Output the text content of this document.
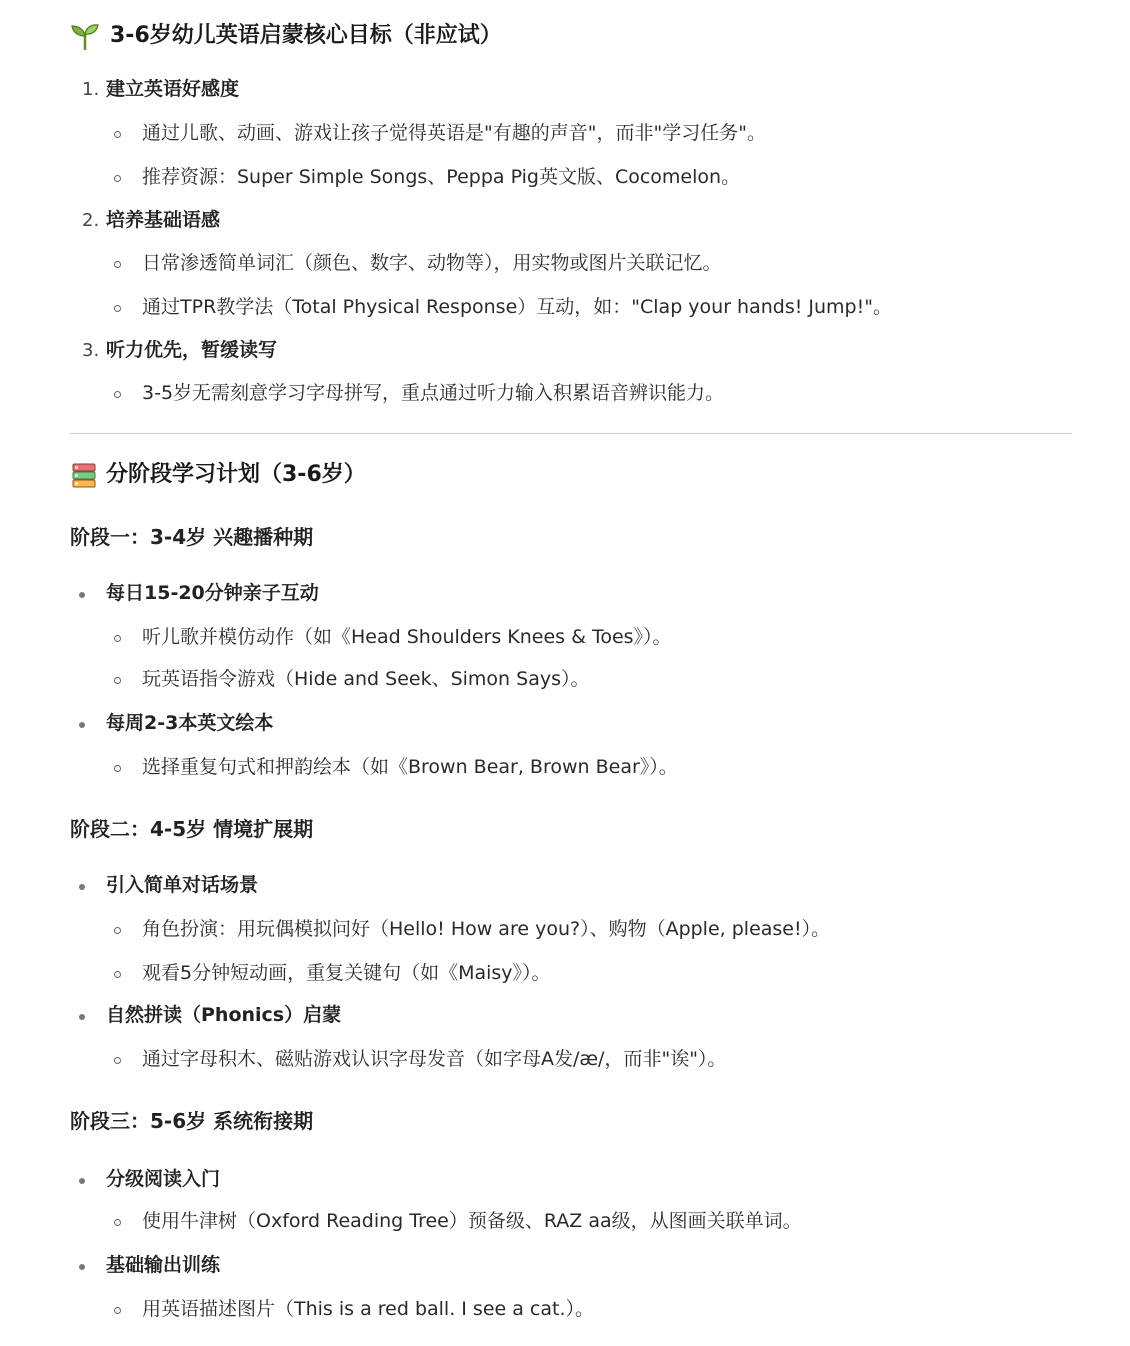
3-6岁幼儿英语启蒙核心目标（非应试）
1. 建立英语好感度
通过儿歌、动画、游戏让孩子觉得英语是"有趣的声音"，而非"学习任务"。
推荐资源：Super Simple Songs、Peppa Pig英文版、Cocomelon。
2. 培养基础语感
日常渗透简单词汇（颜色、数字、动物等），用实物或图片关联记忆。
通过TPR教学法（Total Physical Response）互动，如："Clap your hands! Jump!"。
3. 听力优先，暂缓读写
3-5岁无需刻意学习字母拼写，重点通过听力输入积累语音辨识能力。
分阶段学习计划（3-6岁）
阶段一：3-4岁 兴趣播种期
每日15-20分钟亲子互动
听儿歌并模仿动作（如《Head Shoulders Knees & Toes》）。
玩英语指令游戏（Hide and Seek、Simon Says）。
每周2-3本英文绘本
选择重复句式和押韵绘本（如《Brown Bear, Brown Bear》）。
阶段二：4-5岁 情境扩展期
引入简单对话场景
角色扮演：用玩偶模拟问好（Hello! How are you?）、购物（Apple, please!）。
观看5分钟短动画，重复关键句（如《Maisy》）。
自然拼读（Phonics）启蒙
通过字母积木、磁贴游戏认识字母发音（如字母A发/æ/，而非"诶"）。
阶段三：5-6岁 系统衔接期
分级阅读入门
使用牛津树（Oxford Reading Tree）预备级、RAZ aa级，从图画关联单词。
基础输出训练
用英语描述图片（This is a red ball. I see a cat.）。
